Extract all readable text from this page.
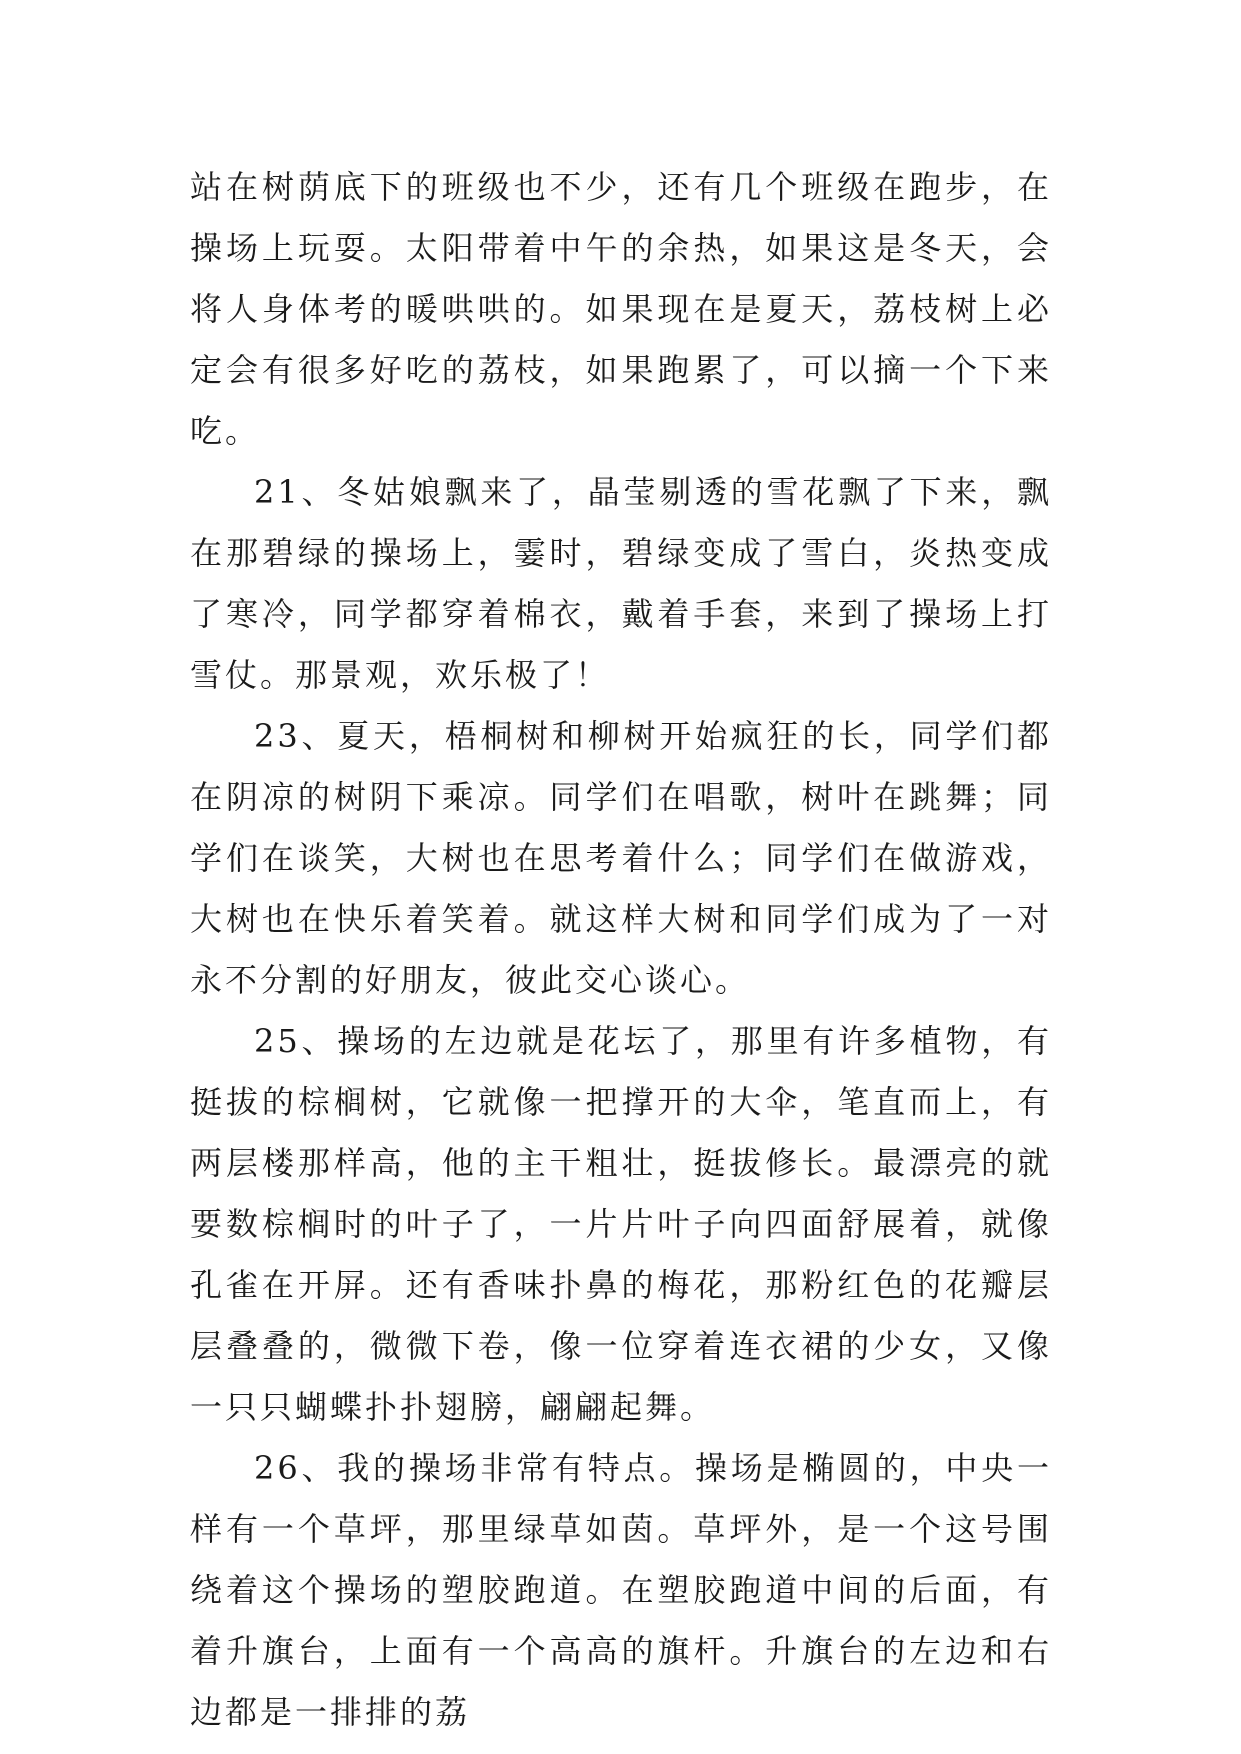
站在树荫底下的班级也不少，还有几个班级在跑步，在操场上玩耍。太阳带着中午的余热，如果这是冬天，会将人身体考的暖哄哄的。如果现在是夏天，荔枝树上必定会有很多好吃的荔枝，如果跑累了，可以摘一个下来吃。

21、冬姑娘飘来了，晶莹剔透的雪花飘了下来，飘在那碧绿的操场上，霎时，碧绿变成了雪白，炎热变成了寒冷，同学都穿着棉衣，戴着手套，来到了操场上打雪仗。那景观，欢乐极了！

23、夏天，梧桐树和柳树开始疯狂的长，同学们都在阴凉的树阴下乘凉。同学们在唱歌，树叶在跳舞；同学们在谈笑，大树也在思考着什么；同学们在做游戏，大树也在快乐着笑着。就这样大树和同学们成为了一对永不分割的好朋友，彼此交心谈心。

25、操场的左边就是花坛了，那里有许多植物，有挺拔的棕榈树，它就像一把撑开的大伞，笔直而上，有两层楼那样高，他的主干粗壮，挺拔修长。最漂亮的就要数棕榈时的叶子了，一片片叶子向四面舒展着，就像孔雀在开屏。还有香味扑鼻的梅花，那粉红色的花瓣层层叠叠的，微微下卷，像一位穿着连衣裙的少女，又像一只只蝴蝶扑扑翅膀，翩翩起舞。

26、我的操场非常有特点。操场是椭圆的，中央一样有一个草坪，那里绿草如茵。草坪外，是一个这号围绕着这个操场的塑胶跑道。在塑胶跑道中间的后面，有着升旗台，上面有一个高高的旗杆。升旗台的左边和右边都是一排排的荔
